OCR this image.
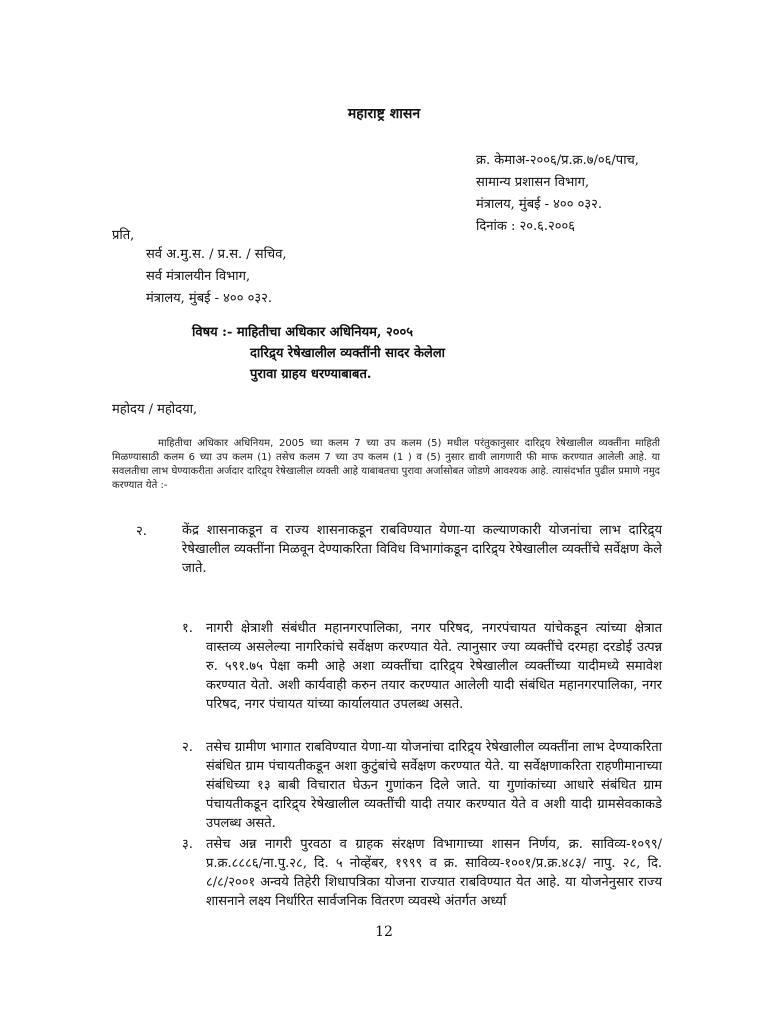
महाराष्ट्र शासन
क्र. केमाअ-२००६/प्र.क्र.७/०६/पाच,
सामान्य प्रशासन विभाग,
मंत्रालय, मुंबई - ४०० ०३२.
दिनांक : २०.६.२००६
प्रति,
सर्व अ.मु.स. / प्र.स. / सचिव,
सर्व मंत्रालयीन विभाग,
मंत्रालय, मुंबई - ४०० ०३२.
विषय :- माहितीचा अधिकार अधिनियम, २००५
दारिद्र्य रेषेखालील व्यक्तींनी सादर केलेला
पुरावा ग्राहय धरण्याबाबत.
महोदय / महोदया,
माहितीचा अधिकार अधिनियम, 2005 च्या कलम 7 च्या उप कलम (5) मधील परंतुकानुसार दारिद्र्य रेषेखालील व्यक्तींना माहिती मिळण्यासाठी कलम 6 च्या उप कलम (1) तसेच कलम 7 च्या उप कलम (1 ) व (5) नुसार द्यावी लागणारी फी माफ करण्यात आलेली आहे. या सवलतीचा लाभ घेण्याकरीता अर्जदार दारिद्र्य रेषेखालील व्यक्ती आहे याबाबतचा पुरावा अर्जासोबत जोडणे आवश्यक आहे. त्यासंदर्भात पुढील प्रमाणे नमुद करण्यात येते :-
२.	केंद्र शासनाकडून व राज्य शासनाकडून राबविण्यात येणा-या कल्याणकारी योजनांचा लाभ दारिद्र्य रेषेखालील व्यक्तींना मिळवून देण्याकरिता विविध विभागांकडून दारिद्र्य रेषेखालील व्यक्तींचे सर्वेक्षण केले जाते.
१. नागरी क्षेत्राशी संबंधीत महानगरपालिका, नगर परिषद, नगरपंचायत यांचेकडून त्यांच्या क्षेत्रात वास्तव्य असलेल्या नागरिकांचे सर्वेक्षण करण्यात येते. त्यानुसार ज्या व्यक्तींचे दरमहा दरडोई उत्पन्न रु. ५९१.७५ पेक्षा कमी आहे अशा व्यक्तींचा दारिद्र्य रेषेखालील व्यक्तींच्या यादीमध्ये समावेश करण्यात येतो. अशी कार्यवाही करुन तयार करण्यात आलेली यादी संबंधित महानगरपालिका, नगर परिषद, नगर पंचायत यांच्या कार्यालयात उपलब्ध असते.
२. तसेच ग्रामीण भागात राबविण्यात येणा-या योजनांचा दारिद्र्य रेषेखालील व्यक्तींना लाभ देण्याकरिता संबंधित ग्राम पंचायतीकडून अशा कुटुंबांचे सर्वेक्षण करण्यात येते. या सर्वेक्षणाकरिता राहणीमानाच्या संबंधिच्या १३ बाबी विचारात घेऊन गुणांकन दिले जाते. या गुणांकांच्या आधारे संबंधित ग्राम पंचायतीकडून दारिद्र्य रेषेखालील व्यक्तींची यादी तयार करण्यात येते व अशी यादी ग्रामसेवकाकडे उपलब्ध असते.
३. तसेच अन्न नागरी पुरवठा व ग्राहक संरक्षण विभागाच्या शासन निर्णय, क्र. साविव्य-१०९९/प्र.क्र.८८८६/ना.पु.२८, दि. ५ नोव्हेंबर, १९९९ व क्र. साविव्य-१००१/प्र.क्र.४८३/ नापु. २८, दि. ८/८/२००१ अन्वये तिहेरी शिधापत्रिका योजना राज्यात राबविण्यात येत आहे. या योजनेनुसार राज्य शासनाने लक्ष्य निर्धारित सार्वजनिक वितरण व्यवस्थे अंतर्गत अर्ध्या
12
